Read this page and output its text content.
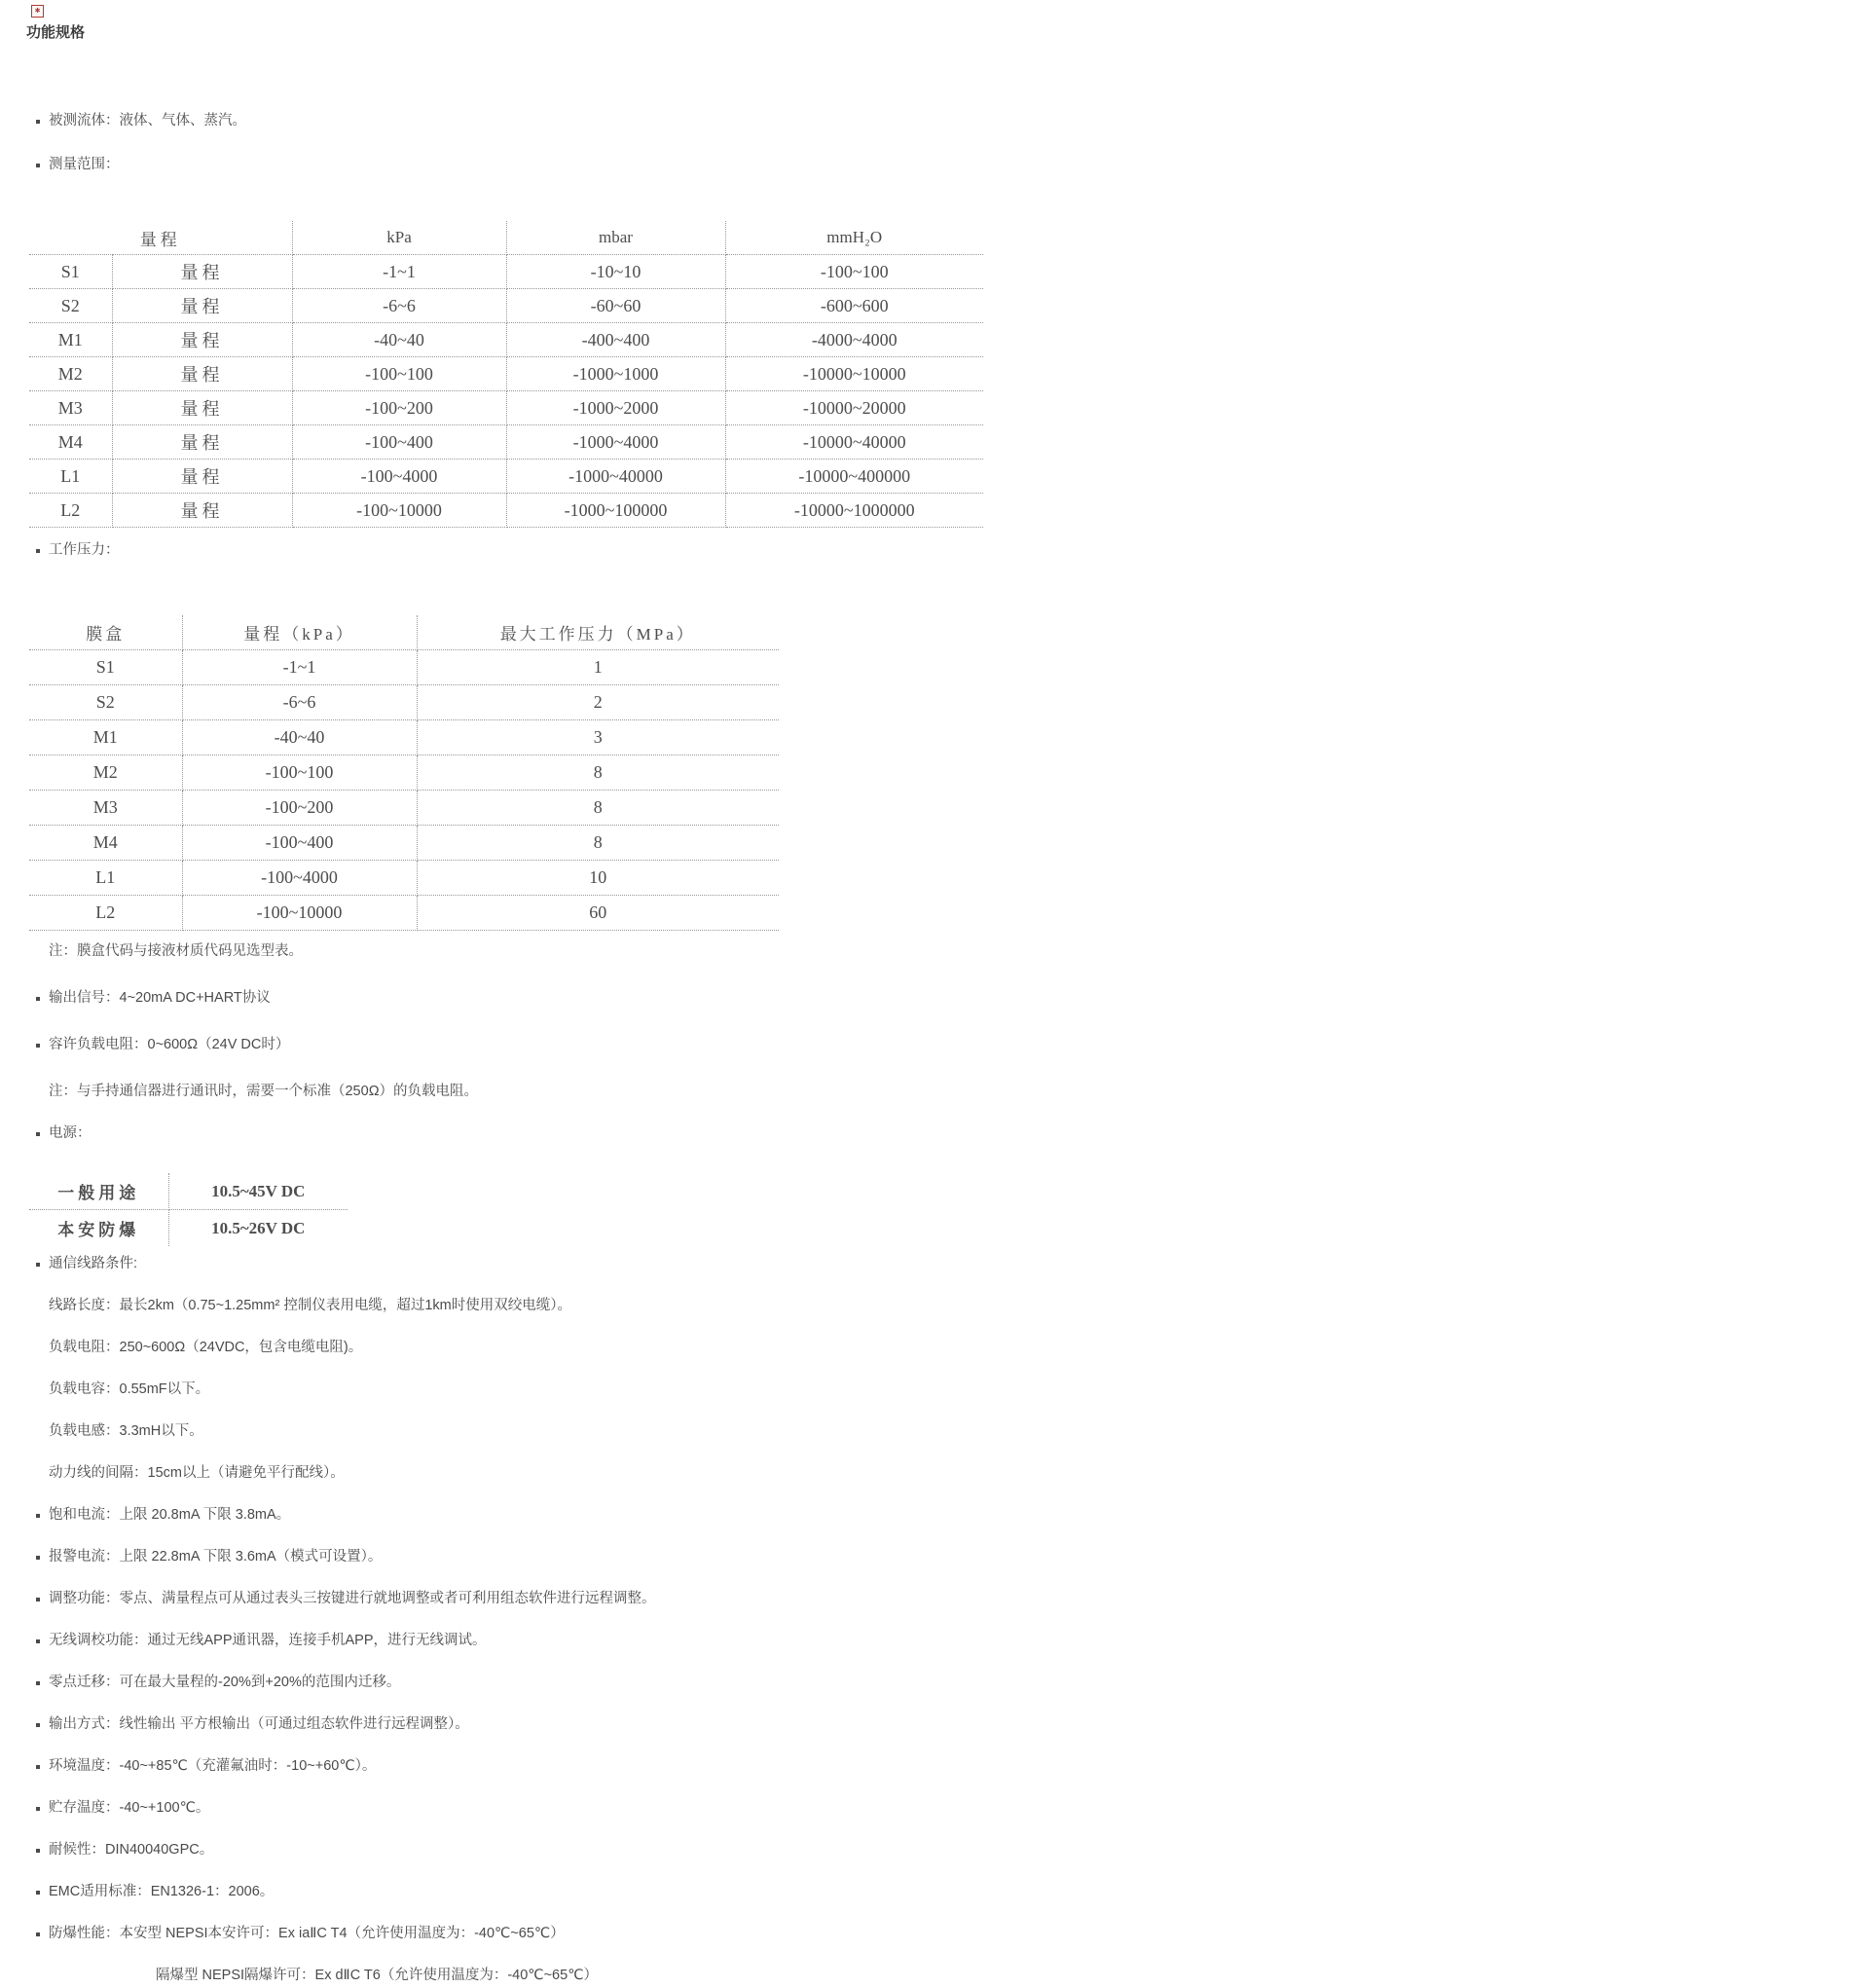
✱
功能规格
被测流体：液体、气体、蒸汽。
测量范围：
量程		kPa	mbar	mmH₂O
S1	量程	-1~1	-10~10	-100~100
S2	量程	-6~6	-60~60	-600~600
M1	量程	-40~40	-400~400	-4000~4000
M2	量程	-100~100	-1000~1000	-10000~10000
M3	量程	-100~200	-1000~2000	-10000~20000
M4	量程	-100~400	-1000~4000	-10000~40000
L1	量程	-100~4000	-1000~40000	-10000~400000
L2	量程	-100~10000	-1000~100000	-10000~1000000
工作压力：
膜盒	量程（kPa）	最大工作压力（MPa）
S1	-1~1	1
S2	-6~6	2
M1	-40~40	3
M2	-100~100	8
M3	-100~200	8
M4	-100~400	8
L1	-100~4000	10
L2	-100~10000	60
注：膜盒代码与接液材质代码见选型表。
输出信号：4~20mA DC+HART协议
容许负载电阻：0~600Ω（24V DC时）
注：与手持通信器进行通讯时，需要一个标准（250Ω）的负载电阻。
电源：
一般用途	10.5~45V DC
本安防爆	10.5~26V DC
通信线路条件:
线路长度：最长2km（0.75~1.25mm² 控制仪表用电缆，超过1km时使用双绞电缆）。
负载电阻：250~600Ω（24VDC，包含电缆电阻)。
负载电容：0.55mF以下。
负载电感：3.3mH以下。
动力线的间隔：15cm以上（请避免平行配线）。
饱和电流：上限 20.8mA 下限 3.8mA。
报警电流：上限 22.8mA 下限 3.6mA（模式可设置）。
调整功能：零点、满量程点可从通过表头三按键进行就地调整或者可利用组态软件进行远程调整。
无线调校功能：通过无线APP通讯器，连接手机APP，进行无线调试。
零点迁移：可在最大量程的-20%到+20%的范围内迁移。
输出方式：线性输出 平方根输出（可通过组态软件进行远程调整）。
环境温度：-40~+85℃（充灌氟油时：-10~+60℃）。
贮存温度：-40~+100℃。
耐候性：DIN40040GPC。
EMC适用标准：EN1326-1：2006。
防爆性能：本安型 NEPSI本安许可：Ex iaⅡC T4（允许使用温度为：-40℃~65℃）
隔爆型 NEPSI隔爆许可：Ex dⅡC T6（允许使用温度为：-40℃~65℃）
